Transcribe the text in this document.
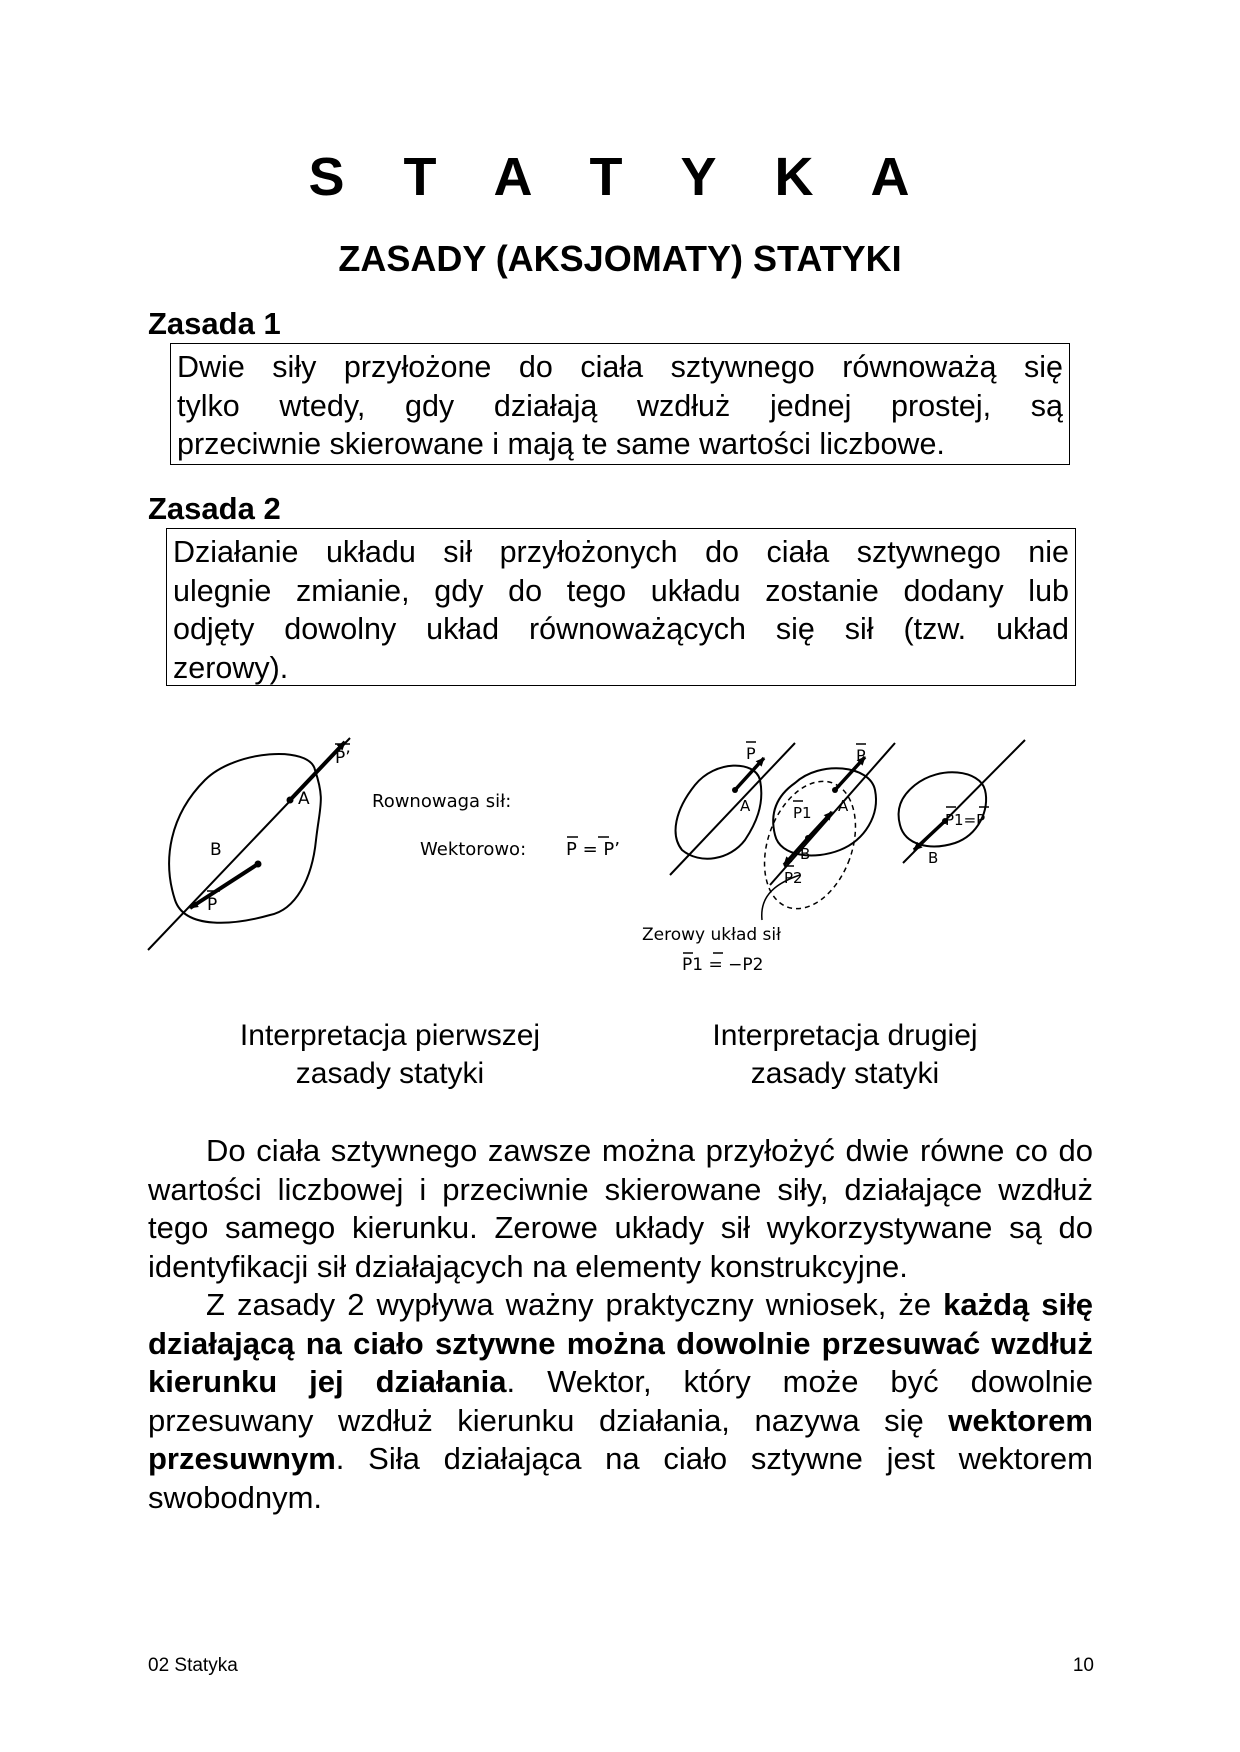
S T A T Y K A
ZASADY (AKSJOMATY) STATYKI
Zasada 1
Dwie siły przyłożone do ciała sztywnego równoważą się
tylko wtedy, gdy działają wzdłuż jednej prostej, są
przeciwnie skierowane i mają te same wartości liczbowe.
Zasada 2
Działanie układu sił przyłożonych do ciała sztywnego nie
ulegnie zmianie, gdy do tego układu zostanie dodany lub
odjęty dowolny układ równoważących się sił (tzw. układ
zerowy).
P’
A
B
P
Rownowaga sił:
Wektorowo: P = P’
P
A
P
A
P1
B
P2
P1=P
B
Zerowy układ sił
P1 = −P2
Interpretacja pierwszej
zasady statyki
Interpretacja drugiej
zasady statyki

Do ciała sztywnego zawsze można przyłożyć dwie równe co do wartości liczbowej i przeciwnie skierowane siły, działające wzdłuż tego samego kierunku. Zerowe układy sił wykorzystywane są do identyfikacji sił działających na elementy konstrukcyjne.

Z zasady 2 wypływa ważny praktyczny wniosek, że każdą siłę działającą na ciało sztywne można dowolnie przesuwać wzdłuż kierunku jej działania. Wektor, który może być dowolnie przesuwany wzdłuż kierunku działania, nazywa się wektorem przesuwnym. Siła działająca na ciało sztywne jest wektorem swobodnym.

02 Statyka	10
